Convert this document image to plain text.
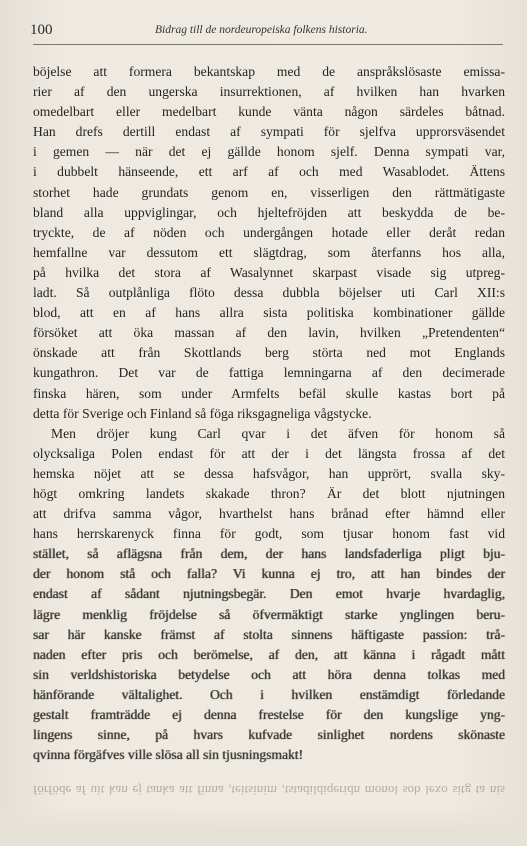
100	Bidrag till de nordeuropeiska folkens historia.
böjelse att formera bekantskap med de anspråkslösaste emissa-
rier af den ungerska insurrektionen, af hvilken han hvarken
omedelbart eller medelbart kunde vänta någon särdeles båtnad.
Han drefs dertill endast af sympati för sjelfva upprorsväsendet
i gemen — när det ej gällde honom sjelf. Denna sympati var,
i dubbelt hänseende, ett arf af och med Wasablodet. Ättens
storhet hade grundats genom en, visserligen den rättmätigaste
bland alla uppviglingar, och hjeltefröjden att beskydda de be-
tryckte, de af nöden och undergången hotade eller deråt redan
hemfallne var dessutom ett slägtdrag, som återfanns hos alla,
på hvilka det stora af Wasalynnet skarpast visade sig utpreg-
ladt. Så outplånliga flöto dessa dubbla böjelser uti Carl XII:s
blod, att en af hans allra sista politiska kombinationer gällde
försöket att öka massan af den lavin, hvilken „Pretendenten“
önskade att från Skottlands berg störta ned mot Englands
kungathron. Det var de fattiga lemningarna af den decimerade
finska hären, som under Armfelts befäl skulle kastas bort på
detta för Sverige och Finland så föga riksgagneliga vågstycke.
Men dröjer kung Carl qvar i det äfven för honom så
olycksaliga Polen endast för att der i det längsta frossa af det
hemska nöjet att se dessa hafsvågor, han upprört, svalla sky-
högt omkring landets skakade thron? Är det blott njutningen
att drifva samma vågor, hvarthelst hans brånad efter hämnd eller
hans herrskarenyck finna för godt, som tjusar honom fast vid
stället, så aflägsna från dem, der hans landsfaderliga pligt bju-
der honom stå och falla? Vi kunna ej tro, att han bindes der
endast af sådant njutningsbegär. Den emot hvarje hvardaglig,
lägre menklig fröjdelse så öfvermäktigt starke ynglingen beru-
sar här kanske främst af stolta sinnens häftigaste passion: trå-
naden efter pris och berömelse, af den, att känna i rågadt mått
sin verldshistoriska betydelse och att höra denna tolkas med
hänförande vältalighet. Och i hvilken enstämdigt förledande
gestalt framträdde ej denna frestelse för den kungslige yng-
lingens sinne, på hvars kufvade sinlighet nordens skönaste
qvinna förgäfves ville slösa all sin tjusningsmakt!
förföde af uit kan ej tanka att finna ,teitsinim ,tstadildiqeridn monol sob lexo sitg ta nis
